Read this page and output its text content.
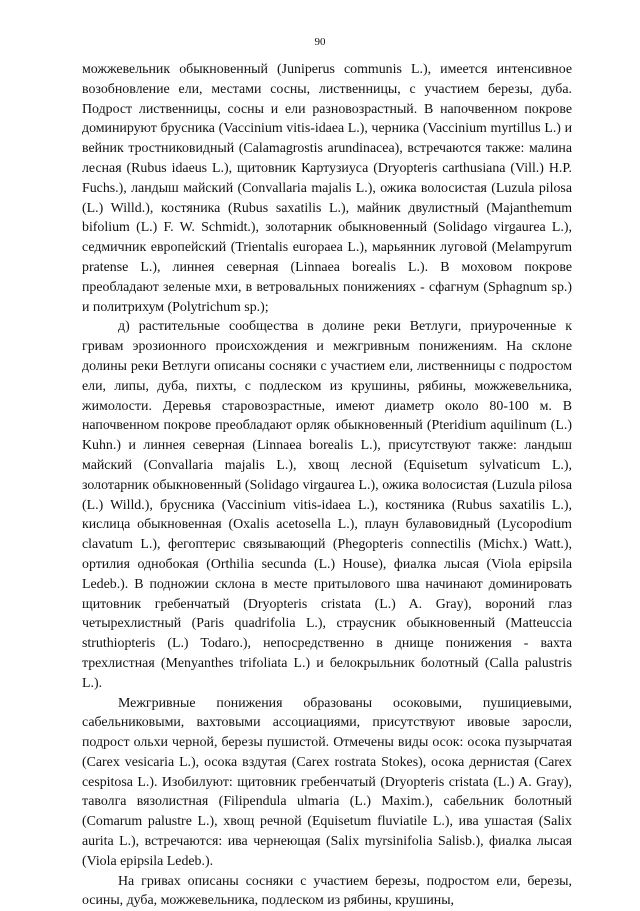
90

можжевельник обыкновенный (Juniperus communis L.), имеется интенсивное возобновление ели, местами сосны, лиственницы, с участием березы, дуба. Подрост лиственницы, сосны и ели разновозрастный. В напочвенном покрове доминируют брусника (Vaccinium vitis-idaea L.), черника (Vaccinium myrtillus L.) и вейник тростниковидный (Calamagrostis arundinacea), встречаются также: малина лесная (Rubus idaeus L.), щитовник Картузиуса (Dryopteris carthusiana (Vill.) H.P. Fuchs.), ландыш майский (Convallaria majalis L.), ожика волосистая (Luzula pilosa (L.) Willd.), костяника (Rubus saxatilis L.), майник двулистный (Majanthemum bifolium (L.) F. W. Schmidt.), золотарник обыкновенный (Solidago virgaurea L.), седмичник европейский (Trientalis europaea L.), марьянник луговой (Melampyrum pratense L.), линнея северная (Linnaea borealis L.). В моховом покрове преобладают зеленые мхи, в ветровальных понижениях - сфагнум (Sphagnum sp.) и политрихум (Polytrichum sp.);

д) растительные сообщества в долине реки Ветлуги, приуроченные к гривам эрозионного происхождения и межгривным понижениям. На склоне долины реки Ветлуги описаны сосняки с участием ели, лиственницы с подростом ели, липы, дуба, пихты, с подлеском из крушины, рябины, можжевельника, жимолости. Деревья старовозрастные, имеют диаметр около 80-100 м. В напочвенном покрове преобладают орляк обыкновенный (Pteridium aquilinum (L.) Kuhn.) и линнея северная (Linnaea borealis L.), присутствуют также: ландыш майский (Convallaria majalis L.), хвощ лесной (Equisetum sylvaticum L.), золотарник обыкновенный (Solidago virgaurea L.), ожика волосистая (Luzula pilosa (L.) Willd.), брусника (Vaccinium vitis-idaea L.), костяника (Rubus saxatilis L.), кислица обыкновенная (Oxalis acetosella L.), плаун булавовидный (Lycopodium clavatum L.), фегоптерис связывающий (Phegopteris connectilis (Michx.) Watt.), ортилия однобокая (Orthilia secunda (L.) House), фиалка лысая (Viola epipsila Ledeb.). В подножии склона в месте притылового шва начинают доминировать щитовник гребенчатый (Dryopteris cristata (L.) A. Gray), вороний глаз четырехлистный (Paris quadrifolia L.), страусник обыкновенный (Matteuccia struthiopteris (L.) Todaro.), непосредственно в днище понижения - вахта трехлистная (Menyanthes trifoliata L.) и белокрыльник болотный (Calla palustris L.).

Межгривные понижения образованы осоковыми, пушициевыми, сабельниковыми, вахтовыми ассоциациями, присутствуют ивовые заросли, подрост ольхи черной, березы пушистой. Отмечены виды осок: осока пузырчатая (Carex vesicaria L.), осока вздутая (Carex rostrata Stokes), осока дернистая (Carex cespitosa L.). Изобилуют: щитовник гребенчатый (Dryopteris cristata (L.) A. Gray), таволга вязолистная (Filipendula ulmaria (L.) Maxim.), сабельник болотный (Comarum palustre L.), хвощ речной (Equisetum fluviatile L.), ива ушастая (Salix aurita L.), встречаются: ива чернеющая (Salix myrsinifolia Salisb.), фиалка лысая (Viola epipsila Ledeb.).

На гривах описаны сосняки с участием березы, подростом ели, березы, осины, дуба, можжевельника, подлеском из рябины, крушины,
